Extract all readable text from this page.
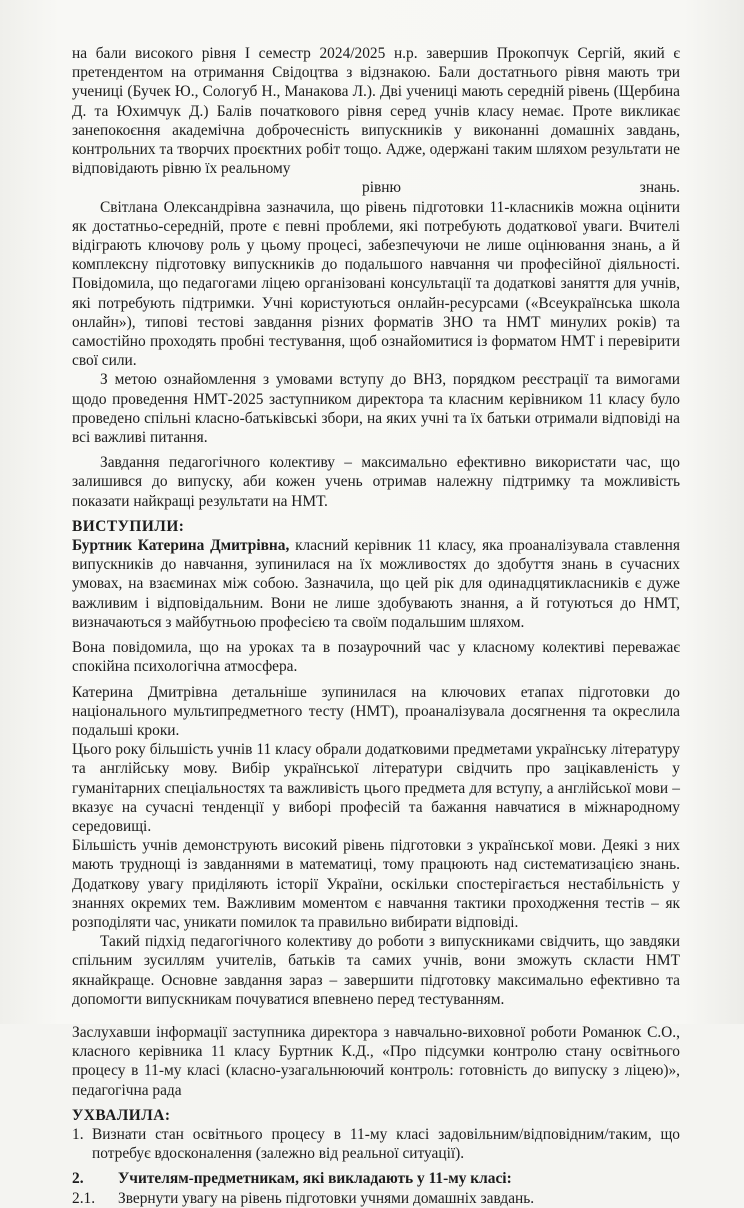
на бали високого рівня І семестр 2024/2025 н.р. завершив Прокопчук Сергій, який є претендентом на отримання Свідоцтва з відзнакою. Бали достатнього рівня мають три учениці (Бучек Ю., Сологуб Н., Манакова Л.). Дві учениці мають середній рівень (Щербина Д. та Юхимчук Д.) Балів початкового рівня серед учнів класу немає. Проте викликає занепокоєння академічна доброчесність випускників у виконанні домашніх завдань, контрольних та творчих проєктних робіт тощо. Адже, одержані таким шляхом результати не відповідають рівню їх реальному

рівню	знань.

Світлана Олександрівна зазначила, що рівень підготовки 11-класників можна оцінити як достатньо-середній, проте є певні проблеми, які потребують додаткової уваги. Вчителі відіграють ключову роль у цьому процесі, забезпечуючи не лише оцінювання знань, а й комплексну підготовку випускників до подальшого навчання чи професійної діяльності. Повідомила, що педагогами ліцею організовані консультації та додаткові заняття для учнів, які потребують підтримки. Учні користуються онлайн-ресурсами («Всеукраїнська школа онлайн»), типові тестові завдання різних форматів ЗНО та НМТ минулих років) та самостійно проходять пробні тестування, щоб ознайомитися із форматом НМТ і перевірити свої сили.

З метою ознайомлення з умовами вступу до ВНЗ, порядком реєстрації та вимогами щодо проведення НМТ-2025 заступником директора та класним керівником 11 класу було проведено спільні класно-батьківські збори, на яких учні та їх батьки отримали відповіді на всі важливі питання.

Завдання педагогічного колективу – максимально ефективно використати час, що залишився до випуску, аби кожен учень отримав належну підтримку та можливість показати найкращі результати на НМТ.

ВИСТУПИЛИ:

Буртник Катерина Дмитрівна, класний керівник 11 класу, яка проаналізувала ставлення випускників до навчання, зупинилася на їх можливостях до здобуття знань в сучасних умовах, на взаєминах між собою. Зазначила, що цей рік для одинадцятикласників є дуже важливим і відповідальним. Вони не лише здобувають знання, а й готуються до НМТ, визначаються з майбутньою професією та своїм подальшим шляхом.

Вона повідомила, що на уроках та в позаурочний час у класному колективі переважає спокійна психологічна атмосфера.

Катерина Дмитрівна детальніше зупинилася на ключових етапах підготовки до національного мультипредметного тесту (НМТ), проаналізувала досягнення та окреслила подальші кроки.

Цього року більшість учнів 11 класу обрали додатковими предметами українську літературу та англійську мову. Вибір української літератури свідчить про зацікавленість у гуманітарних спеціальностях та важливість цього предмета для вступу, а англійської мови – вказує на сучасні тенденції у виборі професій та бажання навчатися в міжнародному середовищі.

Більшість учнів демонструють високий рівень підготовки з української мови. Деякі з них мають труднощі із завданнями в математиці, тому працюють над систематизацією знань. Додаткову увагу приділяють історії України, оскільки спостерігається нестабільність у знаннях окремих тем. Важливим моментом є навчання тактики проходження тестів – як розподіляти час, уникати помилок та правильно вибирати відповіді.

Такий підхід педагогічного колективу до роботи з випускниками свідчить, що завдяки спільним зусиллям учителів, батьків та самих учнів, вони зможуть скласти НМТ якнайкраще. Основне завдання зараз – завершити підготовку максимально ефективно та допомогти випускникам почуватися впевнено перед тестуванням.

Заслухавши інформації заступника директора з навчально-виховної роботи Романюк С.О., класного керівника 11 класу Буртник К.Д., «Про підсумки контролю стану освітнього процесу в 11-му класі (класно-узагальнюючий контроль: готовність до випуску з ліцею)», педагогічна рада

УХВАЛИЛА:

1. Визнати стан освітнього процесу в 11-му класі задовільним/відповідним/таким, що потребує вдосконалення (залежно від реальної ситуації).
2.	Учителям-предметникам, які викладають у 11-му класі:
2.1.	Звернути увагу на рівень підготовки учнями домашніх завдань.
